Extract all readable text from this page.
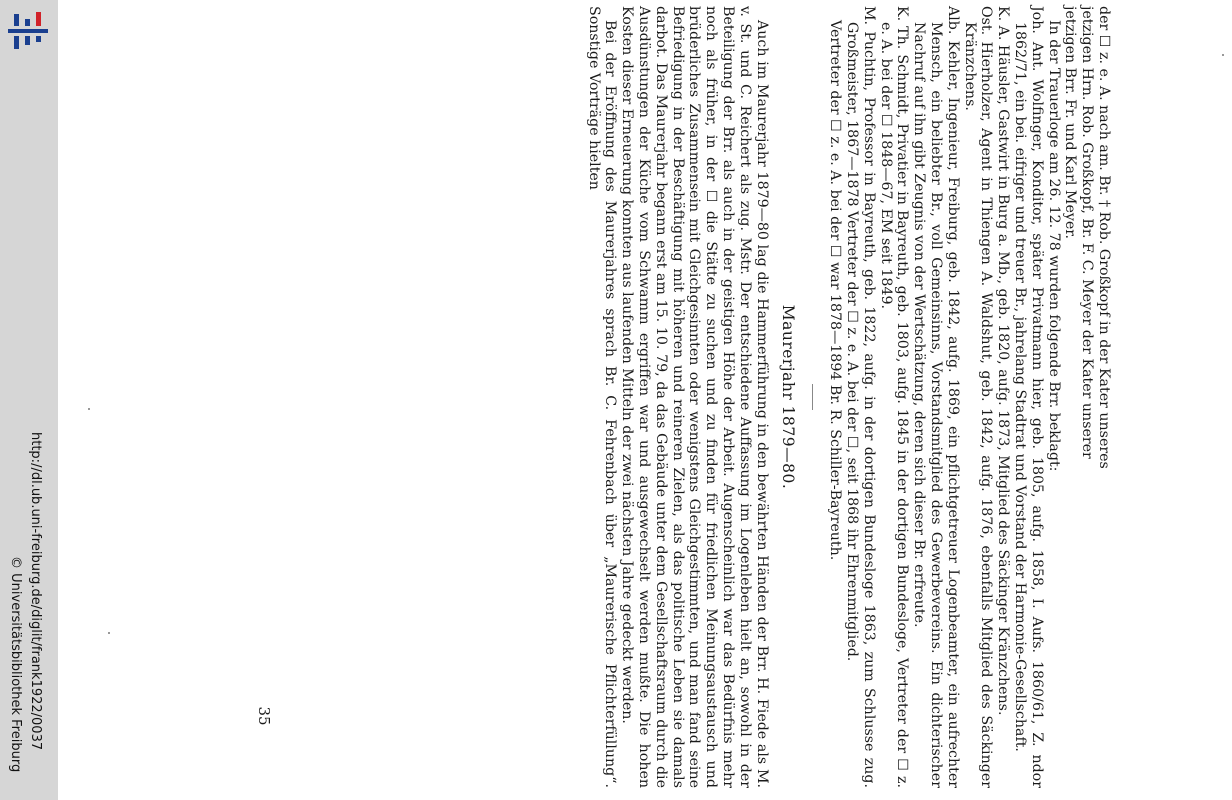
http://dl.ub.uni-freiburg.de/diglit/frank1922/0037
© Universitätsbibliothek Freiburg

der ☐ z. e. A. nach am. Br. † Rob. Großkopf in der Kater unseres

jetzigen Hrn. Rob. Großkopf, Br. F. C. Meyer der Kater unserer

jetzigen Brr. Fr. und Karl Meyer.

In der Trauerloge am 26. 12. 78 wurden folgende Brr. beklagt:

Joh. Ant. Wolfinger, Konditor, später Privatmann hier, geb. 1805, aufg. 1858, I. Aufs. 1860/61, Z. ndor 1862/71, ein bei. eifriger und treuer Br., jahrelang Stadtrat und Vorstand der Harmonie-Gesellschaft.

K. A. Häusler, Gastwirt in Burg a. Mb., geb. 1820, aufg. 1873, Mitglied des Säckinger Kränzchens.

Ost. Hierholzer, Agent in Thiengen A. Waldshut, geb. 1842, aufg. 1876, ebenfalls Mitglied des Säckinger Kränzchens.

Alb. Kehler, Ingenieur, Freiburg, geb. 1842, aufg. 1869, ein pflichtgetreuer Logenbeamter, ein aufrechter Mensch, ein beliebter Br., voll Gemeinsinns, Vorstandsmitglied des Gewerbevereins. Ein dichterischer Nachruf auf ihn gibt Zeugnis von der Wertschätzung, deren sich dieser Br. erfreute.

K. Th. Schmidt, Privatier in Bayreuth, geb. 1803, aufg. 1845 in der dortigen Bundesloge, Vertreter der ☐ z. e. A. bei der ☐ 1848—67, EM seit 1849.

M. Puchtin, Professor in Bayreuth, geb. 1822, aufg. in der dortigen Bundesloge 1863, zum Schlusse zug. Großmeister, 1867—1878 Vertreter der ☐ z. e. A. bei der ☐, seit 1868 ihr Ehrenmitglied.

Vertreter der ☐ z. e. A. bei der ☐ war 1878—1894 Br. R. Schiller-Bayreuth.

Maurerjahr 1879—80.

Auch im Maurerjahr 1879—80 lag die Hammerführung in den bewährten Händen der Brr. H. Fiede als M. v. St. und C. Reichert als zug. Mstr. Der entschiedene Auffassung im Logenleben hielt an, sowohl in der Beteiligung der Brr. als auch in der geistigen Höhe der Arbeit. Augenscheinlich war das Bedürfnis mehr noch als früher, in der ☐ die Stätte zu suchen und zu finden für friedlichen Meinungsaustausch und brüderliches Zusammensein mit Gleichgesinnten oder wenigstens Gleichgestimmten, und man fand seine Befriedigung in der Beschäftigung mit höheren und reineren Zielen, als das politische Leben sie damals darbot. Das Maurerjahr begann erst am 15. 10. 79, da das Gebäude unter dem Gesellschaftsraum durch die Ausdünstungen der Küche vom Schwamm ergriffen war und ausgewechselt werden mußte. Die hohen Kosten dieser Erneuerung konnten aus laufenden Mitteln der zwei nächsten Jahre gedeckt werden.

Bei der Eröffnung des Maurerjahres sprach Br. C. Fehrenbach über „Maurerische Pflichterfüllung“. Sonstige Vorträge hielten

35
